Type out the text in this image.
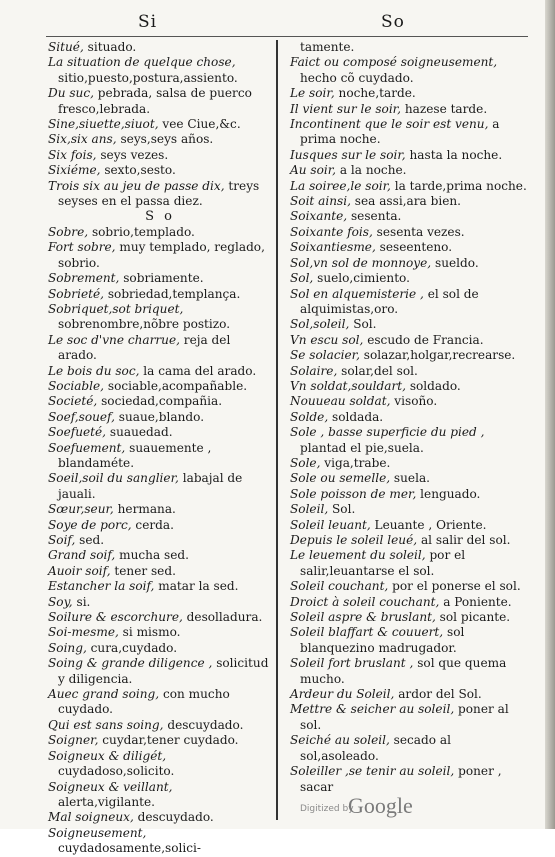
Si	So

Situé, situado.

La situation de quelque chose, sitio,puesto,postura,assiento.

Du suc, pebrada, salsa de puerco fresco,lebrada.

Sine,siuette,siuot, vee Ciue,&c.

Six,six ans, seys,seys años.

Six fois, seys vezes.

Sixiéme, sexto,sesto.

Trois six au jeu de passe dix, treys seyses en el passa diez.

S o

Sobre, sobrio,templado.

Fort sobre, muy templado, reglado, sobrio.

Sobrement, sobriamente.

Sobrieté, sobriedad,templança.

Sobriquet,sot briquet, sobrenombre,nõbre postizo.

Le soc d'vne charrue, reja del arado.

Le bois du soc, la cama del arado.

Sociable, sociable,acompañable.

Societé, sociedad,compañia.

Soef,souef, suaue,blando.

Soefueté, suauedad.

Soefuement, suauemente , blandaméte.

Soeil,soil du sanglier, labajal de jauali.

Sœur,seur, hermana.

Soye de porc, cerda.

Soif, sed.

Grand soif, mucha sed.

Auoir soif, tener sed.

Estancher la soif, matar la sed.

Soy, si.

Soilure & escorchure, desolladura.

Soi-mesme, si mismo.

Soing, cura,cuydado.

Soing & grande diligence , solicitud y diligencia.

Auec grand soing, con mucho cuydado.

Qui est sans soing, descuydado.

Soigner, cuydar,tener cuydado.

Soigneux & diligét, cuydadoso,solicito.

Soigneux & veillant, alerta,vigilante.

Mal soigneux, descuydado.

Soigneusement, cuydadosamente,solici-

tamente.

Faict ou composé soigneusement, hecho cõ cuydado.

Le soir, noche,tarde.

Il vient sur le soir, hazese tarde.

Incontinent que le soir est venu, a prima noche.

Iusques sur le soir, hasta la noche.

Au soir, a la noche.

La soiree,le soir, la tarde,prima noche.

Soit ainsi, sea assi,ara bien.

Soixante, sesenta.

Soixante fois, sesenta vezes.

Soixantiesme, seseenteno.

Sol,vn sol de monnoye, sueldo.

Sol, suelo,cimiento.

Sol en alquemisterie , el sol de alquimistas,oro.

Sol,soleil, Sol.

Vn escu sol, escudo de Francia.

Se solacier, solazar,holgar,recrearse.

Solaire, solar,del sol.

Vn soldat,souldart, soldado.

Nouueau soldat, visoño.

Solde, soldada.

Sole , basse superficie du pied , plantad el pie,suela.

Sole, viga,trabe.

Sole ou semelle, suela.

Sole poisson de mer, lenguado.

Soleil, Sol.

Soleil leuant, Leuante , Oriente.

Depuis le soleil leué, al salir del sol.

Le leuement du soleil, por el salir,leuantarse el sol.

Soleil couchant, por el ponerse el sol.

Droict à soleil couchant, a Poniente.

Soleil aspre & bruslant, sol picante.

Soleil blaffart & couuert, sol blanquezino madrugador.

Soleil fort bruslant , sol que quema mucho.

Ardeur du Soleil, ardor del Sol.

Mettre & seicher au soleil, poner al sol.

Seiché au soleil, secado al sol,asoleado.

Soleiller ,se tenir au soleil, poner , sacar

Digitized by
Google
